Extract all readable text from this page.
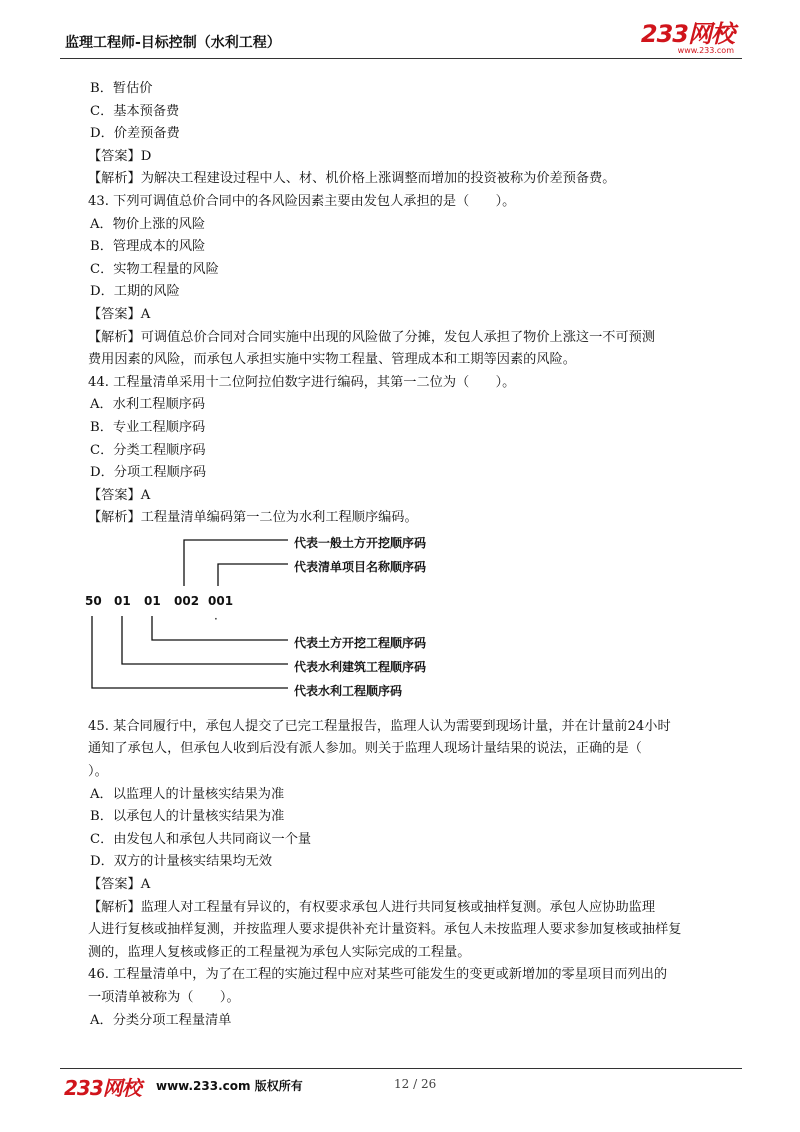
监理工程师-目标控制（水利工程）	233网校
www.233.com
B．暂估价
C．基本预备费
D．价差预备费
【答案】D
【解析】为解决工程建设过程中人、材、机价格上涨调整而增加的投资被称为价差预备费。
43. 下列可调值总价合同中的各风险因素主要由发包人承担的是（　　）。
A．物价上涨的风险
B．管理成本的风险
C．实物工程量的风险
D．工期的风险
【答案】A
【解析】可调值总价合同对合同实施中出现的风险做了分摊，发包人承担了物价上涨这一不可预测
费用因素的风险，而承包人承担实施中实物工程量、管理成本和工期等因素的风险。
44. 工程量清单采用十二位阿拉伯数字进行编码，其第一二位为（　　）。
A．水利工程顺序码
B．专业工程顺序码
C．分类工程顺序码
D．分项工程顺序码
【答案】A
【解析】工程量清单编码第一二位为水利工程顺序编码。
50 01 01 002 001
·
代表一般土方开挖顺序码
代表清单项目名称顺序码
代表土方开挖工程顺序码
代表水利建筑工程顺序码
代表水利工程顺序码
45. 某合同履行中，承包人提交了已完工程量报告，监理人认为需要到现场计量，并在计量前24小时
通知了承包人，但承包人收到后没有派人参加。则关于监理人现场计量结果的说法，正确的是（
）。
A．以监理人的计量核实结果为准
B．以承包人的计量核实结果为准
C．由发包人和承包人共同商议一个量
D．双方的计量核实结果均无效
【答案】A
【解析】监理人对工程量有异议的，有权要求承包人进行共同复核或抽样复测。承包人应协助监理
人进行复核或抽样复测，并按监理人要求提供补充计量资料。承包人未按监理人要求参加复核或抽样复
测的，监理人复核或修正的工程量视为承包人实际完成的工程量。
46. 工程量清单中，为了在工程的实施过程中应对某些可能发生的变更或新增加的零星项目而列出的
一项清单被称为（　　）。
A．分类分项工程量清单
233网校 www.233.com 版权所有	12 / 26
